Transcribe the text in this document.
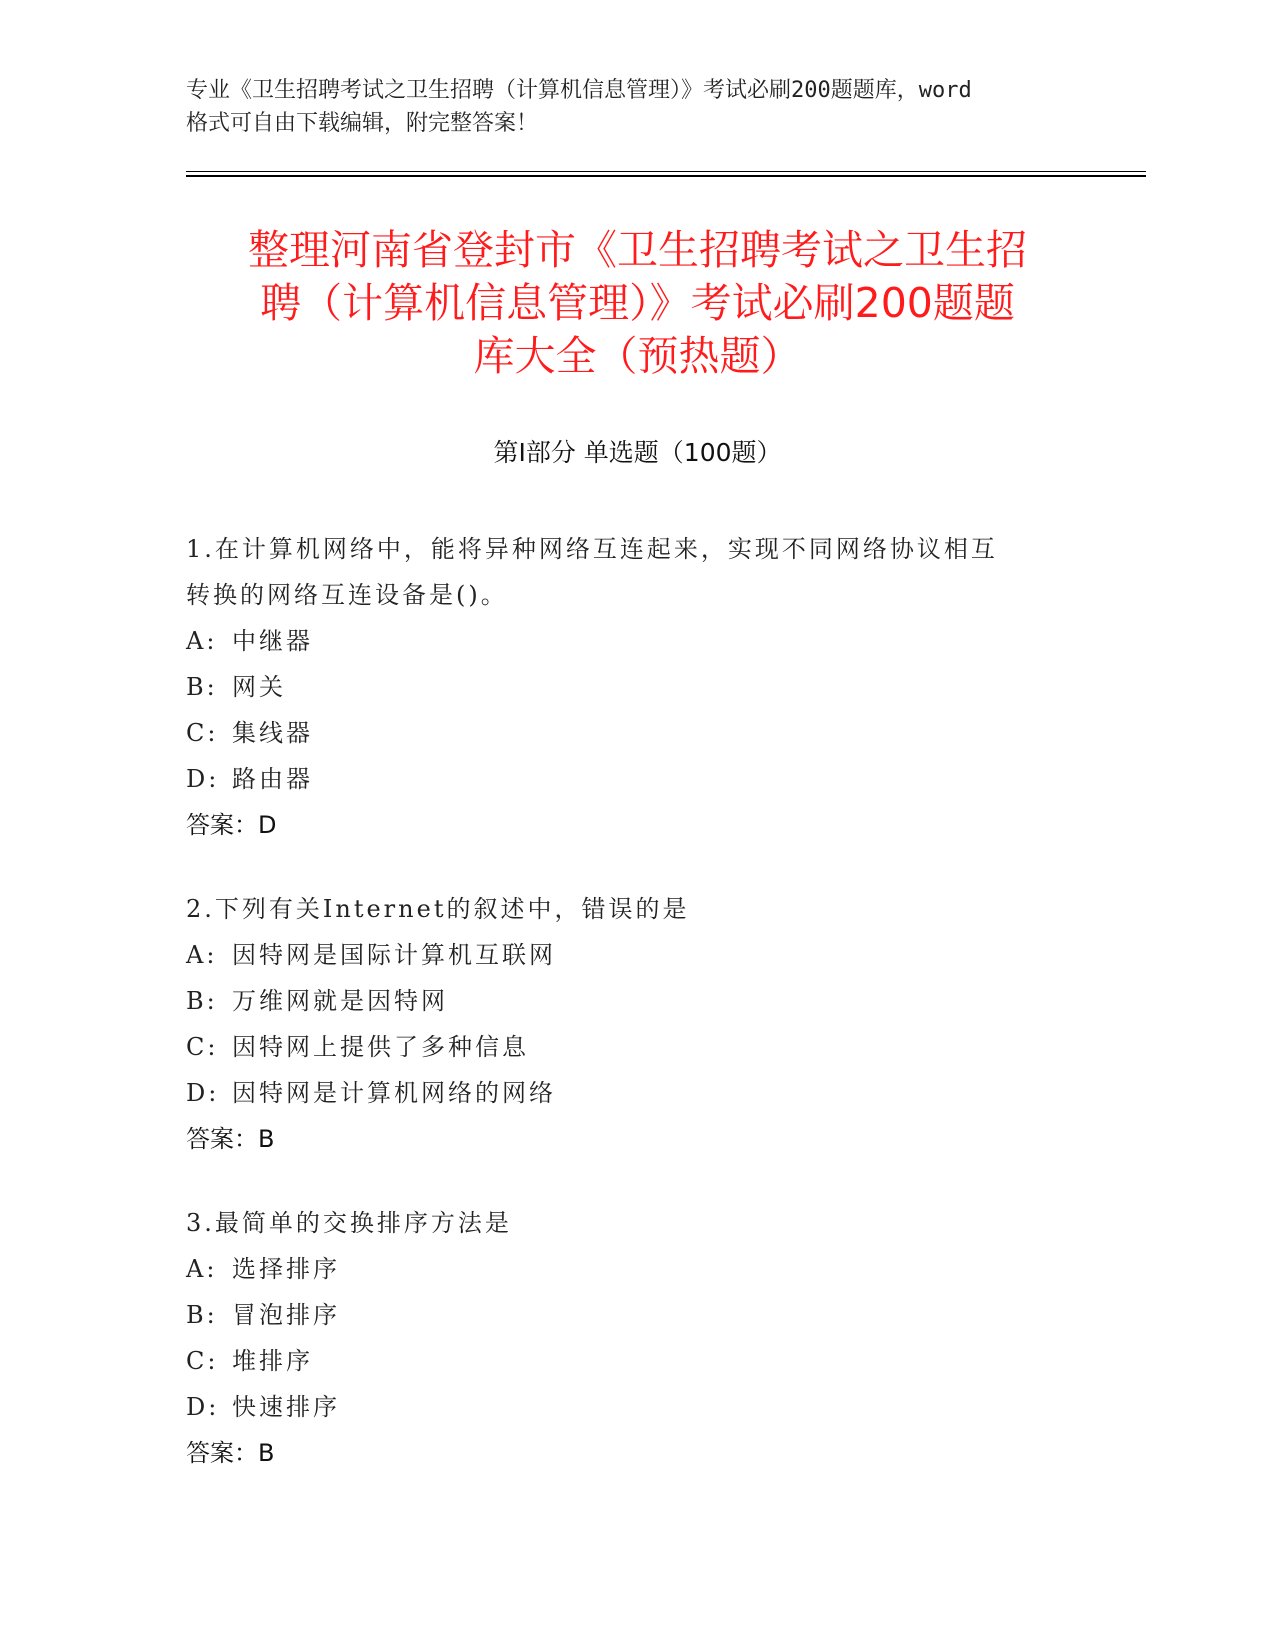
专业《卫生招聘考试之卫生招聘（计算机信息管理）》考试必刷200题题库，word
格式可自由下载编辑，附完整答案！
整理河南省登封市《卫生招聘考试之卫生招
聘（计算机信息管理）》考试必刷200题题
库大全（预热题）
第Ⅰ部分 单选题（100题）

1.在计算机网络中，能将异种网络互连起来，实现不同网络协议相互

转换的网络互连设备是()。

A: 中继器

B: 网关

C: 集线器

D: 路由器

答案：D

2.下列有关Internet的叙述中，错误的是

A: 因特网是国际计算机互联网

B: 万维网就是因特网

C: 因特网上提供了多种信息

D: 因特网是计算机网络的网络

答案：B

3.最简单的交换排序方法是

A: 选择排序

B: 冒泡排序

C: 堆排序

D: 快速排序

答案：B
